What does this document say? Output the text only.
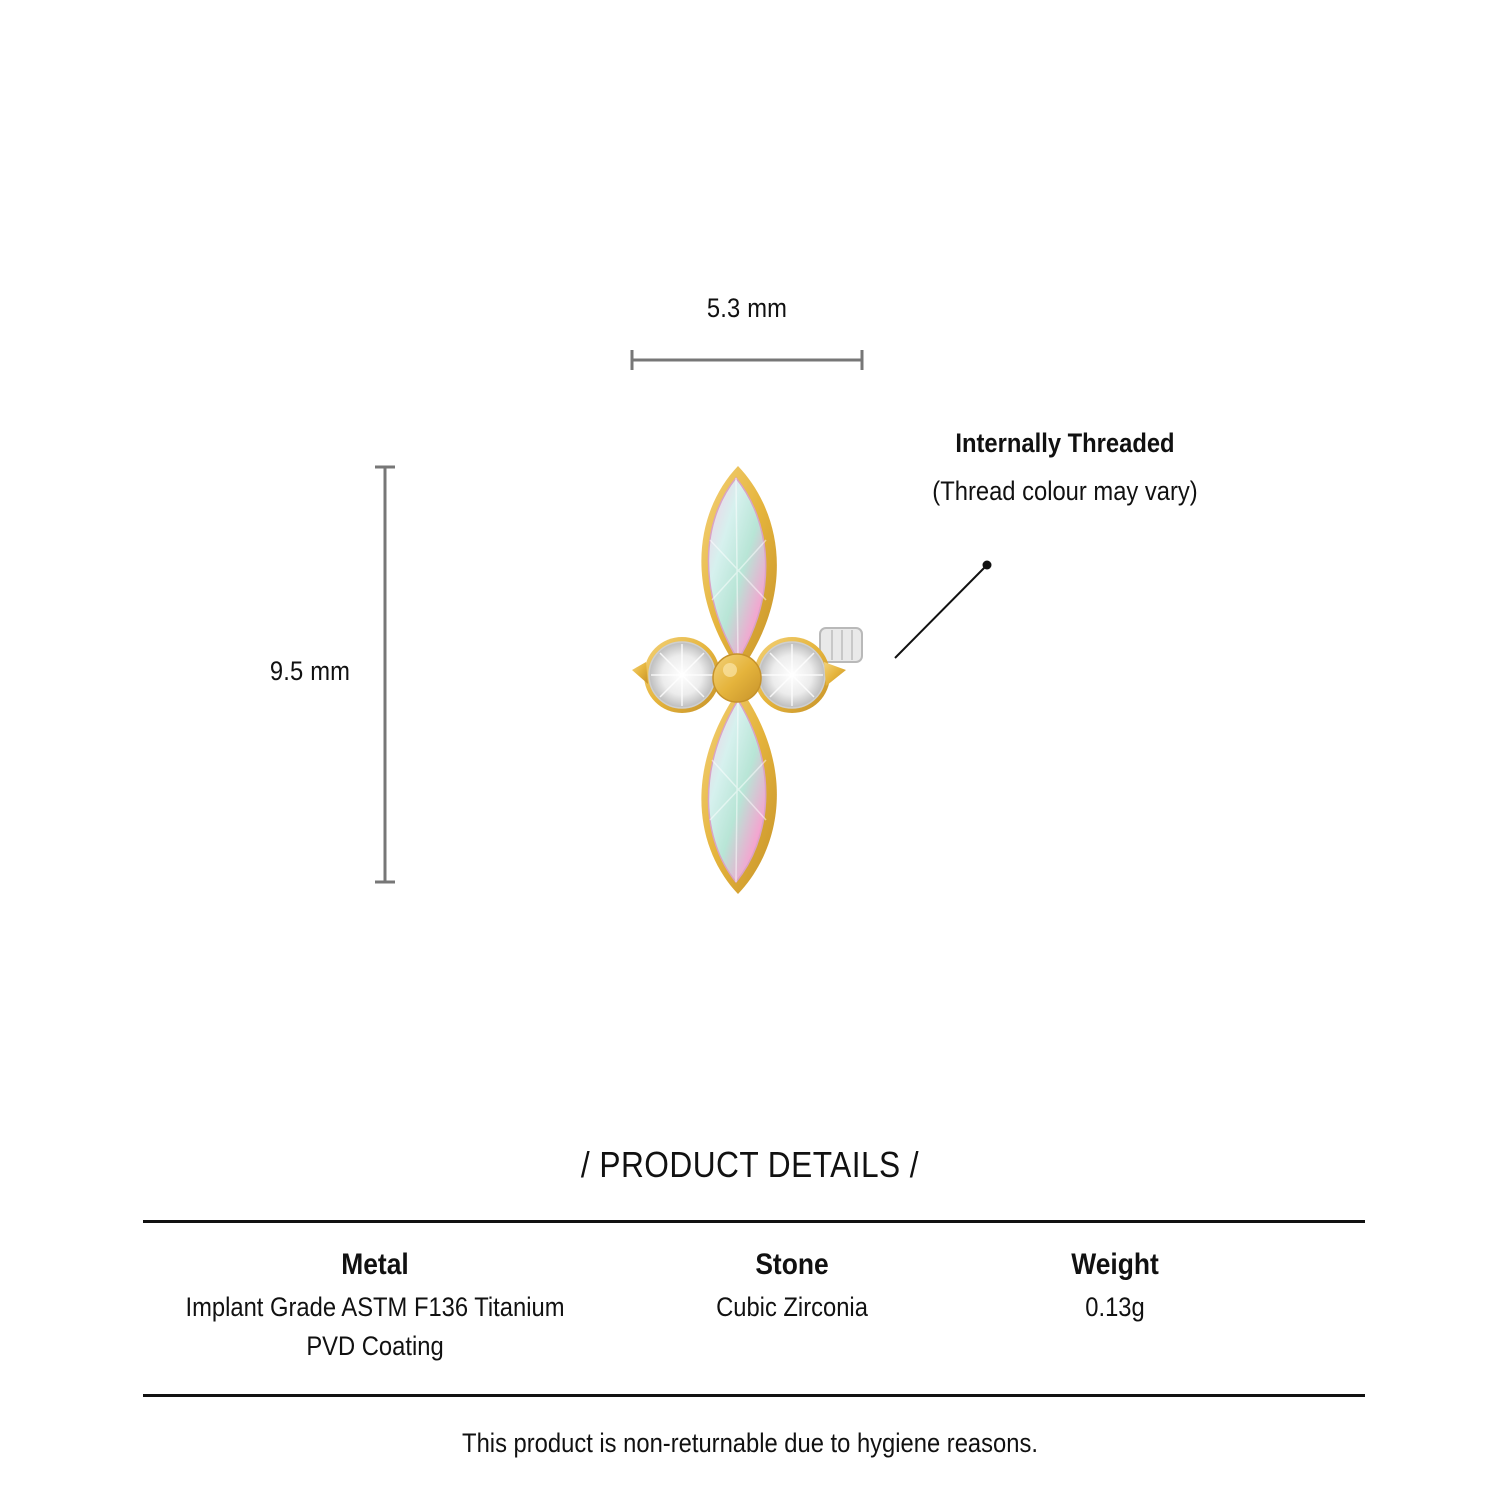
5.3 mm
9.5 mm
Internally Threaded
(Thread colour may vary)
/ PRODUCT DETAILS /
Metal
Implant Grade ASTM F136 Titanium
PVD Coating
Stone
Cubic Zirconia
Weight
0.13g
This product is non-returnable due to hygiene reasons.
